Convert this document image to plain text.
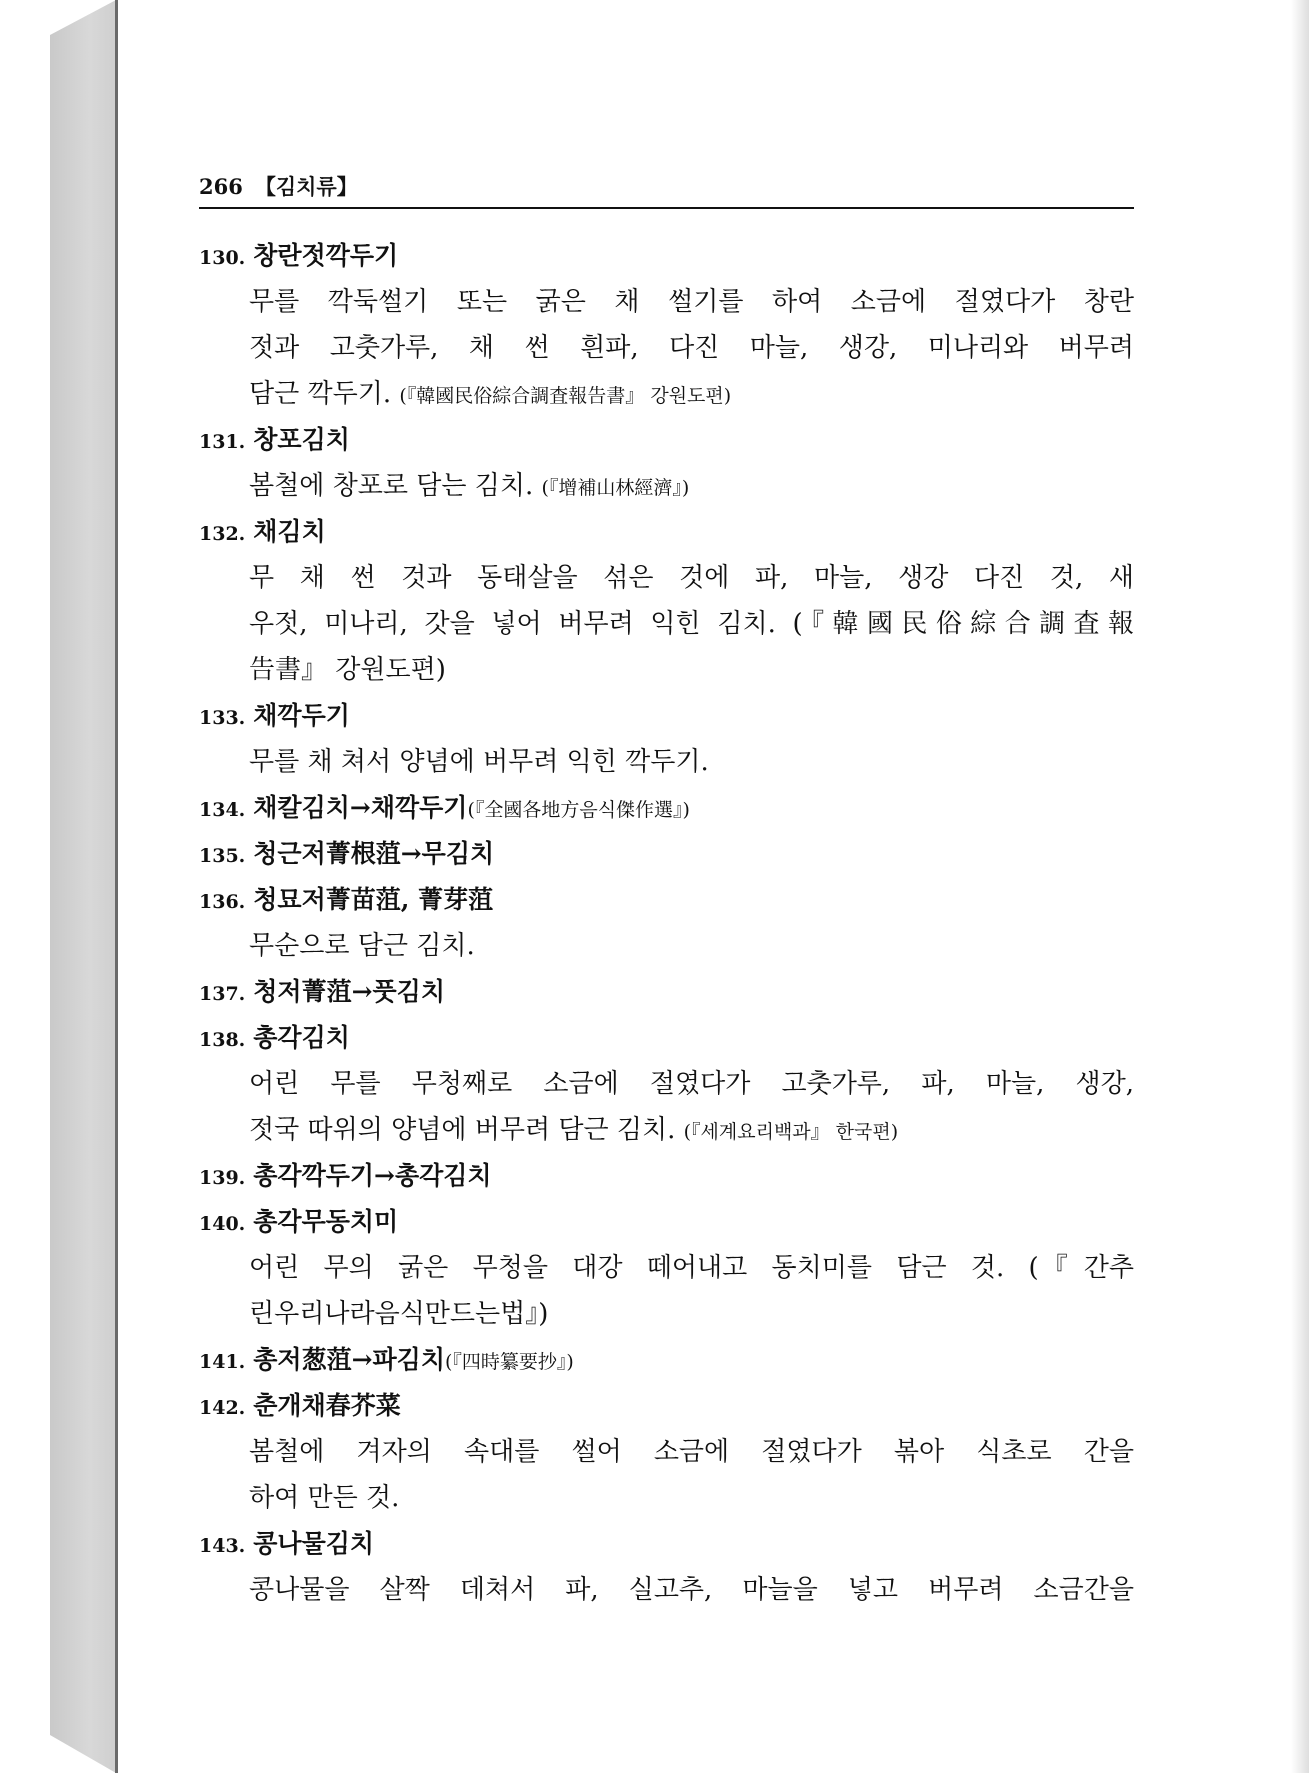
266 【김치류】
130. 창란젓깍두기
무를 깍둑썰기 또는 굵은 채 썰기를 하여 소금에 절였다가 창란
젓과 고춧가루, 채 썬 흰파, 다진 마늘, 생강, 미나리와 버무려
담근 깍두기. (『韓國民俗綜合調査報告書』 강원도편)
131. 창포김치
봄철에 창포로 담는 김치. (『增補山林經濟』)
132. 채김치
무 채 썬 것과 동태살을 섞은 것에 파, 마늘, 생강 다진 것, 새
우젓, 미나리, 갓을 넣어 버무려 익힌 김치. (『韓國民俗綜合調査報
告書』 강원도편)
133. 채깍두기
무를 채 쳐서 양념에 버무려 익힌 깍두기.
134. 채칼김치→채깍두기(『全國各地方음식傑作選』)
135. 청근저菁根菹→무김치
136. 청묘저菁苗菹, 菁芽菹
무순으로 담근 김치.
137. 청저菁菹→풋김치
138. 총각김치
어린 무를 무청째로 소금에 절였다가 고춧가루, 파, 마늘, 생강,
젓국 따위의 양념에 버무려 담근 김치. (『세계요리백과』 한국편)
139. 총각깍두기→총각김치
140. 총각무동치미
어린 무의 굵은 무청을 대강 떼어내고 동치미를 담근 것. (『간추
린우리나라음식만드는법』)
141. 총저葱菹→파김치(『四時纂要抄』)
142. 춘개채春芥菜
봄철에 겨자의 속대를 썰어 소금에 절였다가 볶아 식초로 간을
하여 만든 것.
143. 콩나물김치
콩나물을 살짝 데쳐서 파, 실고추, 마늘을 넣고 버무려 소금간을
